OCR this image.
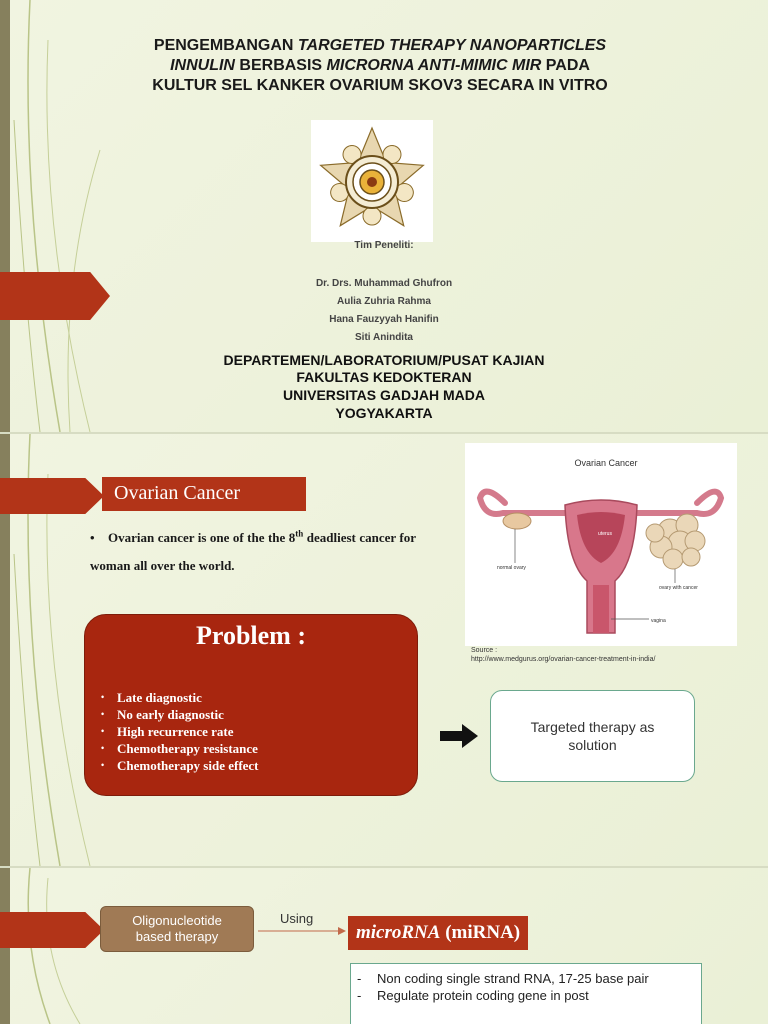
PENGEMBANGAN TARGETED THERAPY NANOPARTICLES
INNULIN BERBASIS MICRORNA ANTI-MIMIC MIR PADA
KULTUR SEL KANKER OVARIUM SKOV3 SECARA IN VITRO
Tim Peneliti:
Dr. Drs. Muhammad Ghufron
Aulia Zuhria Rahma
Hana Fauzyyah Hanifin
Siti Anindita
DEPARTEMEN/LABORATORIUM/PUSAT KAJIAN
FAKULTAS KEDOKTERAN
UNIVERSITAS GADJAH MADA
YOGYAKARTA
Ovarian Cancer
• Ovarian cancer is one of the the 8th deadliest cancer for woman all over the world.
Ovarian Cancer
uterus
normal ovary
ovary with cancer
vagina
Source :
http://www.medgurus.org/ovarian-cancer-treatment-in-india/
Problem :
• Late diagnostic
• No early diagnostic
• High recurrence rate
• Chemotherapy resistance
• Chemotherapy side effect
Targeted therapy as solution
Oligonucleotide based therapy
Using
microRNA (miRNA)
- Non coding single strand RNA, 17-25 base pair
- Regulate protein coding gene in post
